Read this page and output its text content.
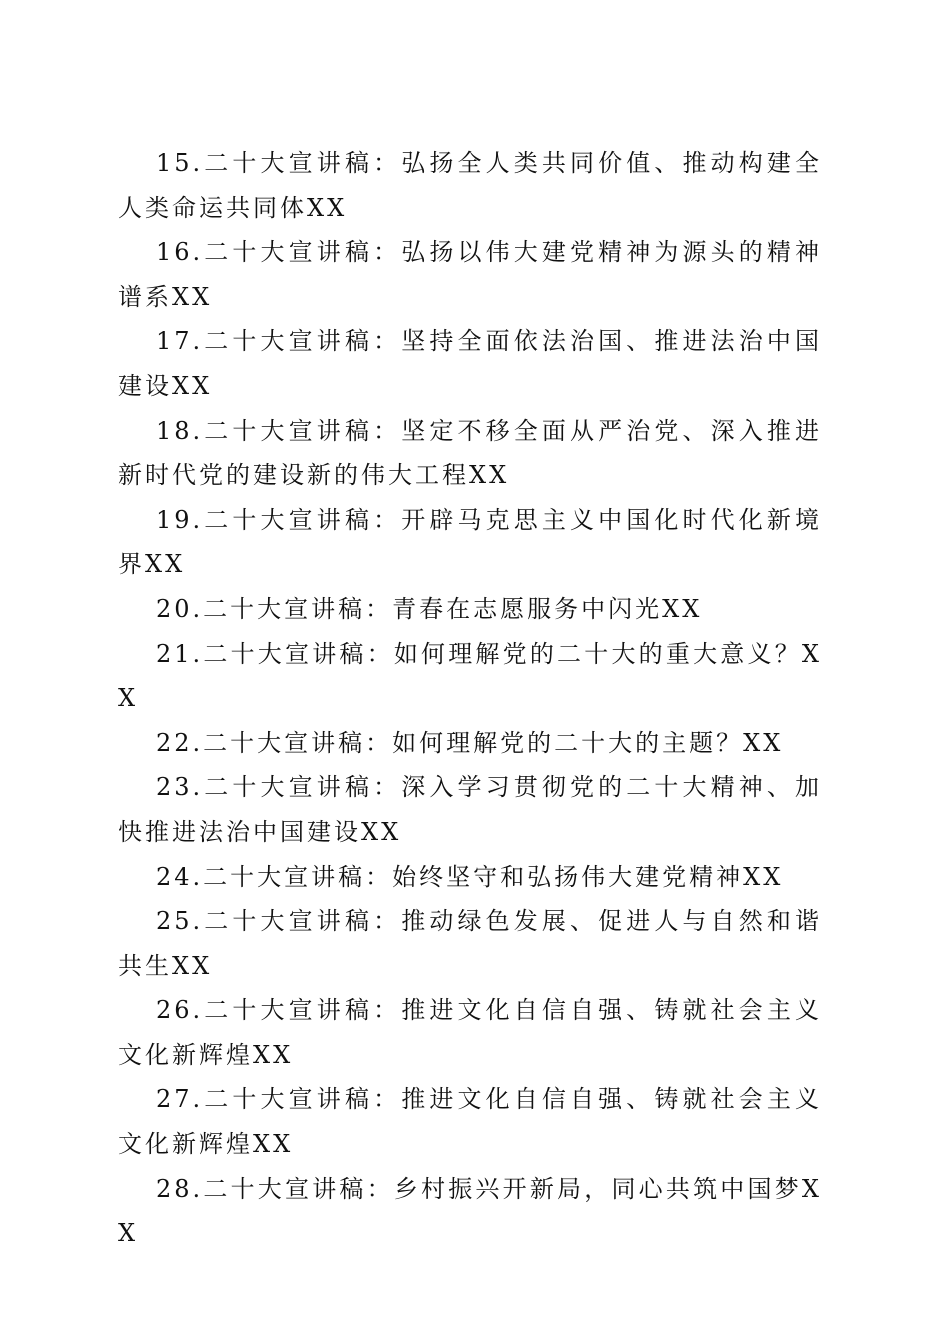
15.二十大宣讲稿：弘扬全人类共同价值、推动构建全人类命运共同体XX

16.二十大宣讲稿：弘扬以伟大建党精神为源头的精神谱系XX

17.二十大宣讲稿：坚持全面依法治国、推进法治中国建设XX

18.二十大宣讲稿：坚定不移全面从严治党、深入推进新时代党的建设新的伟大工程XX

19.二十大宣讲稿：开辟马克思主义中国化时代化新境界XX

20.二十大宣讲稿：青春在志愿服务中闪光XX

21.二十大宣讲稿：如何理解党的二十大的重大意义？XX

22.二十大宣讲稿：如何理解党的二十大的主题？XX

23.二十大宣讲稿：深入学习贯彻党的二十大精神、加快推进法治中国建设XX

24.二十大宣讲稿：始终坚守和弘扬伟大建党精神XX

25.二十大宣讲稿：推动绿色发展、促进人与自然和谐共生XX

26.二十大宣讲稿：推进文化自信自强、铸就社会主义文化新辉煌XX

27.二十大宣讲稿：推进文化自信自强、铸就社会主义文化新辉煌XX

28.二十大宣讲稿：乡村振兴开新局，同心共筑中国梦XX
